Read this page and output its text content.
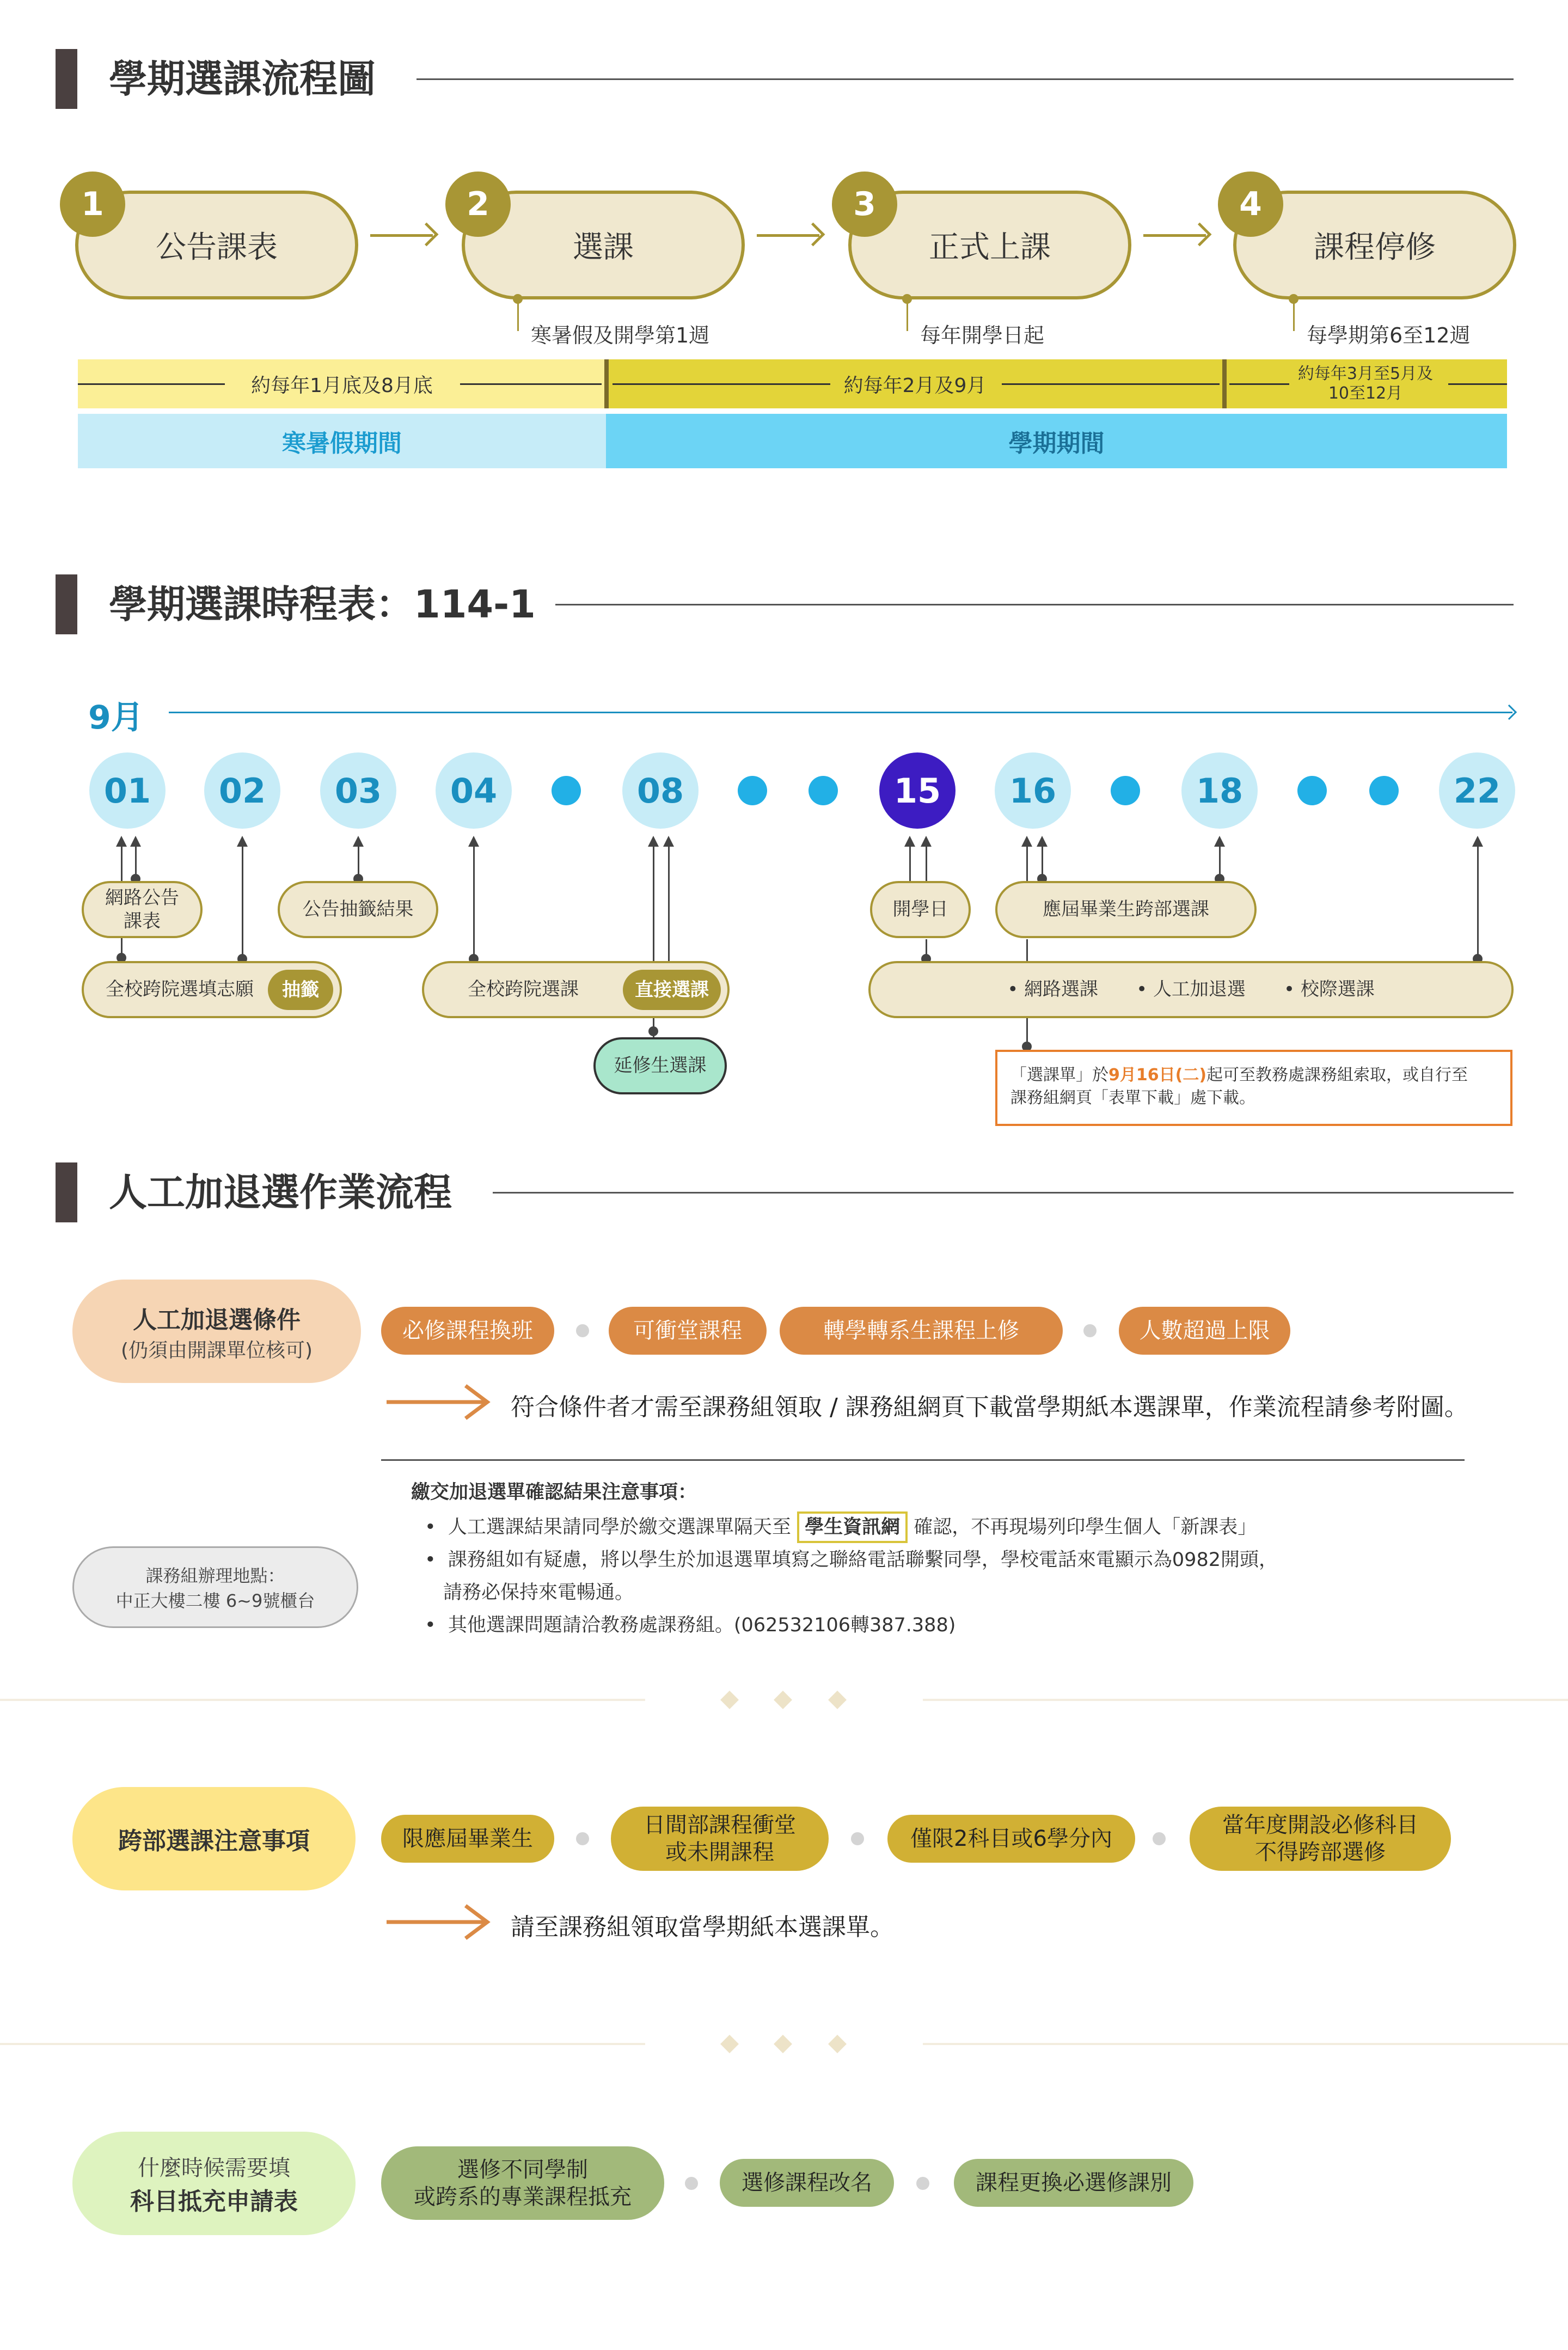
學期選課流程圖
公告課表
1
選課
2
正式上課
3
課程停修
4
寒暑假及開學第1週	每年開學日起	每學期第6至12週
約每年1月底及8月底	約每年2月及9月
約每年3月至5月及
10至12月
寒暑假期間	學期期間
學期選課時程表：114-1
9月
01	02	03	04	08	15	16	18	22
網路公告
課表
公告抽籤結果
全校跨院選填志願	抽籤	全校跨院選課	直接選課
延修生選課
開學日	應屆畢業生跨部選課
• 網路選課 • 人工加退選 • 校際選課
「選課單」於9月16日(二)起可至教務處課務組索取，或自行至
課務組網頁「表單下載」處下載。
人工加退選作業流程
人工加退選條件
(仍須由開課單位核可)
必修課程換班	可衝堂課程	轉學轉系生課程上修	人數超過上限
符合條件者才需至課務組領取 / 課務組網頁下載當學期紙本選課單，作業流程請參考附圖。
課務組辦理地點：
中正大樓二樓 6~9號櫃台
繳交加退選單確認結果注意事項：
•  人工選課結果請同學於繳交選課單隔天至 學生資訊網 確認，不再現場列印學生個人「新課表」
•  課務組如有疑慮，將以學生於加退選單填寫之聯絡電話聯繫同學，學校電話來電顯示為0982開頭，
請務必保持來電暢通。
•  其他選課問題請洽教務處課務組。(062532106轉387.388)
跨部選課注意事項	限應屆畢業生
日間部課程衝堂
或未開課程
僅限2科目或6學分內
當年度開設必修科目
不得跨部選修
請至課務組領取當學期紙本選課單。
什麼時候需要填
科目抵充申請表
選修不同學制
或跨系的專業課程抵充
選修課程改名	課程更換必選修課別
